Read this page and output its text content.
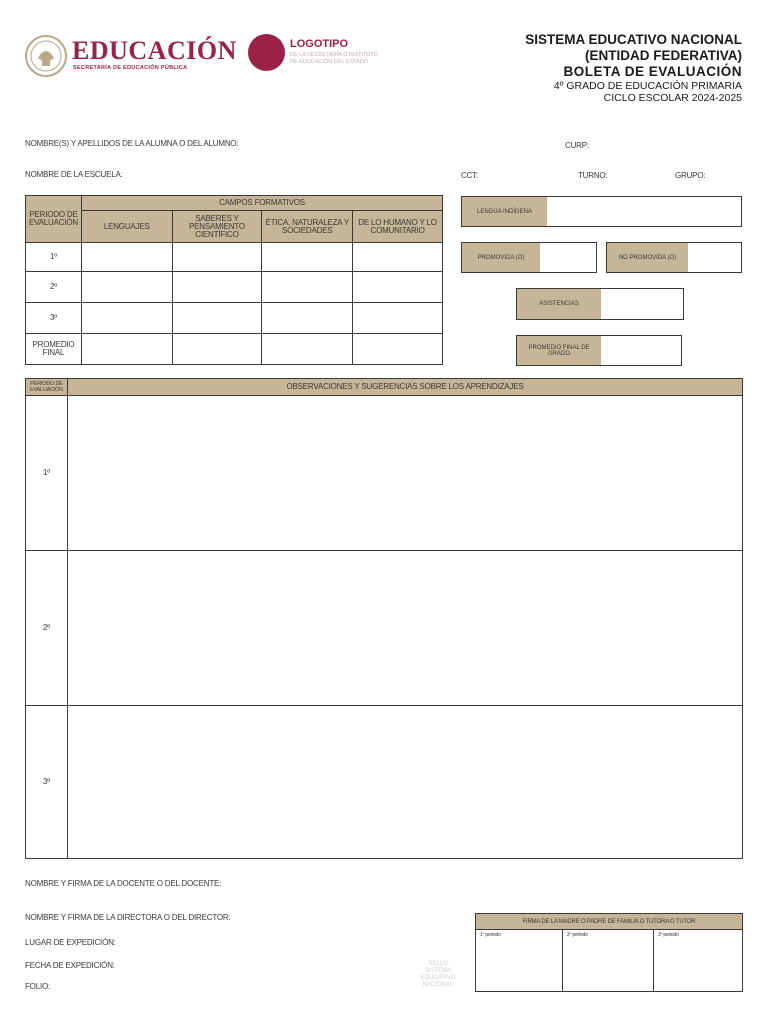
EDUCACIÓN
SECRETARÍA DE EDUCACIÓN PÚBLICA
LOGOTIPO
DE LA SECRETARÍA O INSTITUTO
DE EDUCACIÓN DEL ESTADO
SISTEMA EDUCATIVO NACIONAL
(ENTIDAD FEDERATIVA)
BOLETA DE EVALUACIÓN
4º GRADO DE EDUCACIÓN PRIMARIA
CICLO ESCOLAR 2024-2025
NOMBRE(S) Y APELLIDOS DE LA ALUMNA O DEL ALUMNO:	CURP:
NOMBRE DE LA ESCUELA:	CCT:	TURNO:	GRUPO:
PERIODO DE EVALUACIÓN	CAMPOS FORMATIVOS			
	LENGUAJES	SABERES Y PENSAMIENTO CIENTÍFICO	ÉTICA, NATURALEZA Y SOCIEDADES	DE LO HUMANO Y LO COMUNITARIO
1º				
2º				
3º				
PROMEDIO FINAL				
LENGUA INDÍGENA
PROMOVIDA (O)	NO PROMOVIDA (O)
ASISTENCIAS
PROMEDIO FINAL DE GRADO
PERIODO DE EVALUACIÓN	OBSERVACIONES Y SUGERENCIAS SOBRE LOS APRENDIZAJES
1º	
2º	
3º	
NOMBRE Y FIRMA DE LA DOCENTE O DEL DOCENTE:
NOMBRE Y FIRMA DE LA DIRECTORA O DEL DIRECTOR:
LUGAR DE EXPEDICIÓN:
FECHA DE EXPEDICIÓN:
FOLIO:
SELLO SISTEMA EDUCATIVO NACIONAL
FIRMA DE LA MADRE O PADRE DE FAMILIA O TUTORA O TUTOR
1º periodo	2º periodo	3º periodo
